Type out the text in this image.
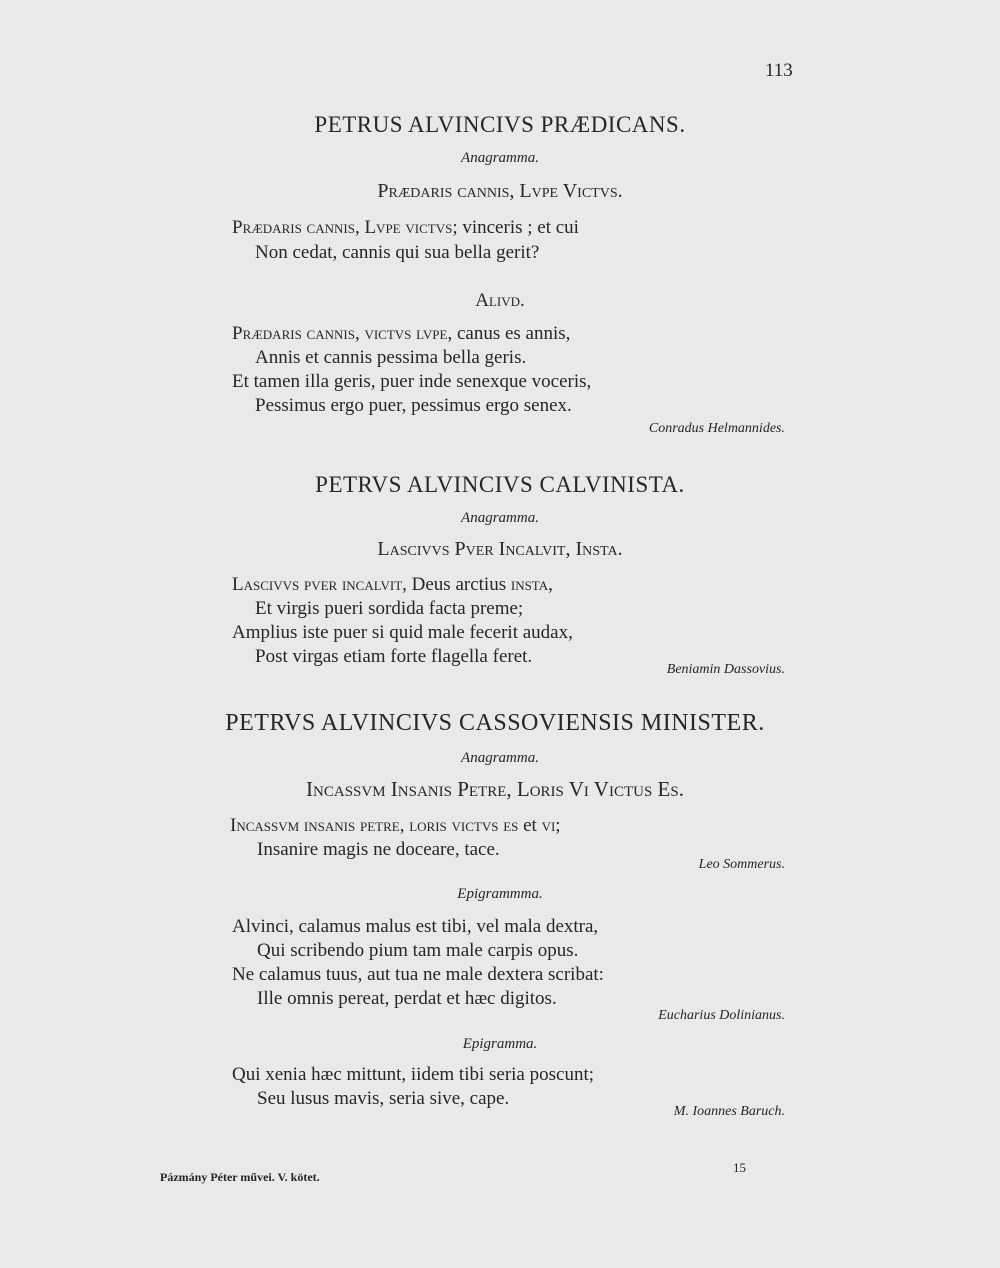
113
PETRUS ALVINCIVS PRÆDICANS.
Anagramma.
Prædaris cannis, Lvpe Victvs.
Prædaris cannis, Lvpe victvs; vinceris ; et cui
Non cedat, cannis qui sua bella gerit?
Alivd.
Prædaris cannis, victvs lvpe, canus es annis,
Annis et cannis pessima bella geris.
Et tamen illa geris, puer inde senexque voceris,
Pessimus ergo puer, pessimus ergo senex.
Conradus Helmannides.
PETRVS ALVINCIVS CALVINISTA.
Anagramma.
Lascivvs Pver Incalvit, Insta.
Lascivvs pver incalvit, Deus arctius insta,
Et virgis pueri sordida facta preme;
Amplius iste puer si quid male fecerit audax,
Post virgas etiam forte flagella feret.
Beniamin Dassovius.
PETRVS ALVINCIVS CASSOVIENSIS MINISTER.
Anagramma.
Incassvm Insanis Petre, Loris Vi Victus Es.
Incassvm insanis petre, loris victvs es et vi;
Insanire magis ne doceare, tace.
Leo Sommerus.
Epigrammma.
Alvinci, calamus malus est tibi, vel mala dextra,
Qui scribendo pium tam male carpis opus.
Ne calamus tuus, aut tua ne male dextera scribat:
Ille omnis pereat, perdat et hæc digitos.
Eucharius Dolinianus.
Epigramma.
Qui xenia hæc mittunt, iidem tibi seria poscunt;
Seu lusus mavis, seria sive, cape.
M. Ioannes Baruch.
Pázmány Péter művei. V. kötet.
15
